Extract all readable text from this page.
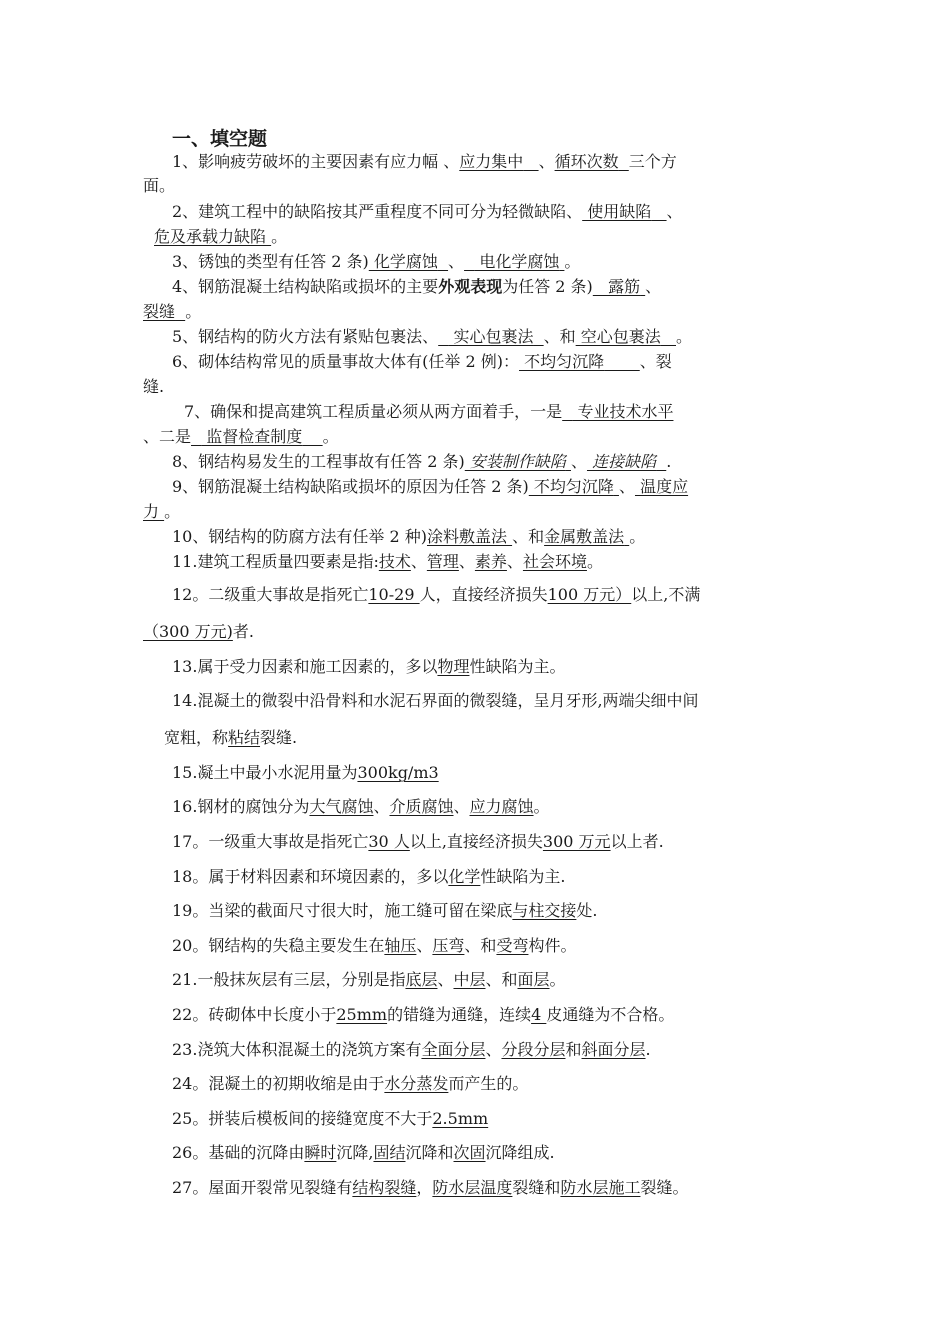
一、填空题
1、影响疲劳破坏的主要因素有应力幅 、应力集中 、循环次数 三个方
面。
2、建筑工程中的缺陷按其严重程度不同可分为轻微缺陷、 使用缺陷 、
危及承载力缺陷 。
3、锈蚀的类型有任答 2 条) 化学腐蚀 、   电化学腐蚀 。
4、钢筋混凝土结构缺陷或损坏的主要外观表现为任答 2 条)   露筋 、
裂缝 。
5、钢结构的防火方法有紧贴包裹法、   实心包裹法 、和 空心包裹法 。
6、砌体结构常见的质量事故大体有(任举 2 例)： 不均匀沉降 、裂
缝.
7、确保和提高建筑工程质量必须从两方面着手，一是   专业技术水平
、二是   监督检查制度 。
8、钢结构易发生的工程事故有任答 2 条) 安装制作缺陷 、 连接缺陷 .
9、钢筋混凝土结构缺陷或损坏的原因为任答 2 条) 不均匀沉降 、 温度应
力 。
10、钢结构的防腐方法有任举 2 种)涂料敷盖法 、和金属敷盖法 。
11.建筑工程质量四要素是指:技术、管理、素养、社会环境。
12。二级重大事故是指死亡10-29 人，直接经济损失100 万元）以上,不满
（300 万元)者.
13.属于受力因素和施工因素的，多以物理性缺陷为主。
14.混凝土的微裂中沿骨料和水泥石界面的微裂缝，呈月牙形,两端尖细中间
宽粗，称粘结裂缝.
15.凝土中最小水泥用量为300kg/m3
16.钢材的腐蚀分为大气腐蚀、介质腐蚀、应力腐蚀。
17。一级重大事故是指死亡30 人以上,直接经济损失300 万元以上者.
18。属于材料因素和环境因素的，多以化学性缺陷为主.
19。当梁的截面尺寸很大时，施工缝可留在梁底与柱交接处.
20。钢结构的失稳主要发生在轴压、压弯、和受弯构件。
21.一般抹灰层有三层，分别是指底层、中层、和面层。
22。砖砌体中长度小于25mm的错缝为通缝，连续4 皮通缝为不合格。
23.浇筑大体积混凝土的浇筑方案有全面分层、分段分层和斜面分层.
24。混凝土的初期收缩是由于水分蒸发而产生的。
25。拼装后模板间的接缝宽度不大于2.5mm
26。基础的沉降由瞬时沉降,固结沉降和次固沉降组成.
27。屋面开裂常见裂缝有结构裂缝，防水层温度裂缝和防水层施工裂缝。
